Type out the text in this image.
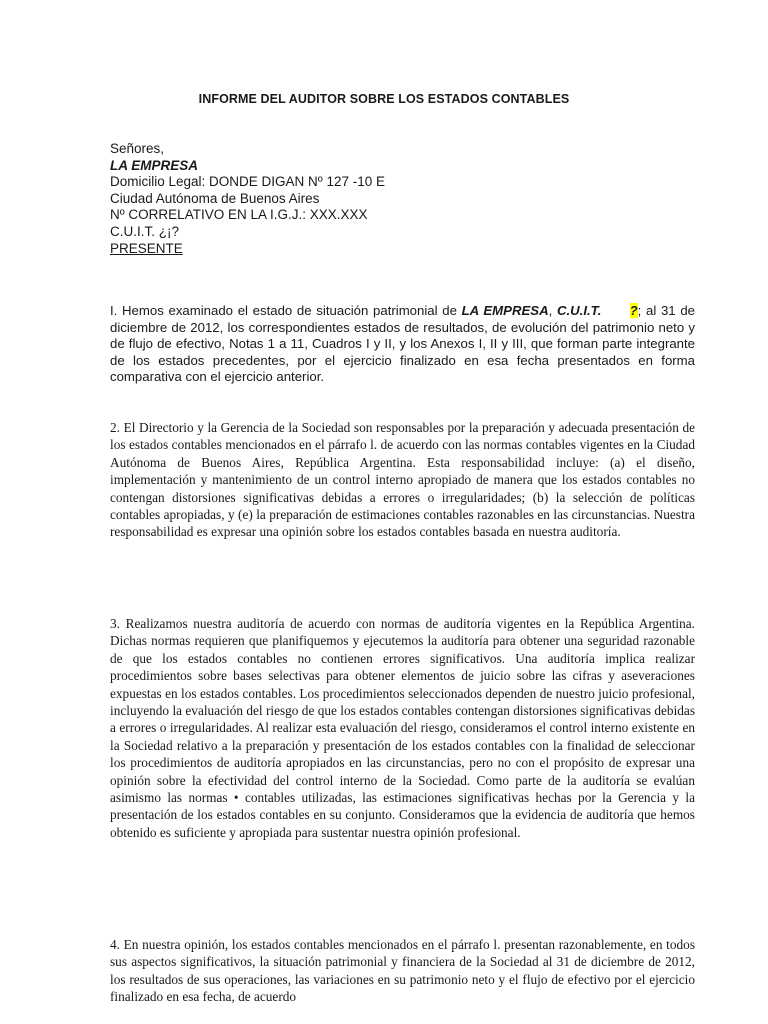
INFORME DEL AUDITOR SOBRE LOS ESTADOS CONTABLES
Señores,
LA EMPRESA
Domicilio Legal: DONDE DIGAN Nº 127 -10 E
Ciudad Autónoma de Buenos Aires
Nº CORRELATIVO EN LA I.G.J.: XXX.XXX
C.U.I.T. ¿¡?
PRESENTE
I. Hemos examinado el estado de situación patrimonial de LA EMPRESA, C.U.I.T. ?; al 31 de diciembre de 2012, los correspondientes estados de resultados, de evolución del patrimonio neto y de flujo de efectivo, Notas 1 a 11, Cuadros I y II, y los Anexos I, II y III, que forman parte integrante de los estados precedentes, por el ejercicio finalizado en esa fecha presentados en forma comparativa con el ejercicio anterior.
2. El Directorio y la Gerencia de la Sociedad son responsables por la preparación y adecuada presentación de los estados contables mencionados en el párrafo l. de acuerdo con las normas contables vigentes en la Ciudad Autónoma de Buenos Aires, República Argentina. Esta responsabilidad incluye: (a) el diseño, implementación y mantenimiento de un control interno apropiado de manera que los estados contables no contengan distorsiones significativas debidas a errores o irregularidades; (b) la selección de políticas contables apropiadas, y (e) la preparación de estimaciones contables razonables en las circunstancias. Nuestra responsabilidad es expresar una opinión sobre los estados contables basada en nuestra auditoría.
3. Realizamos nuestra auditoría de acuerdo con normas de auditoría vigentes en la República Argentina. Dichas normas requieren que planifiquemos y ejecutemos la auditoría para obtener una seguridad razonable de que los estados contables no contienen errores significativos. Una auditoría implica realizar procedimientos sobre bases selectivas para obtener elementos de juicio sobre las cifras y aseveraciones expuestas en los estados contables. Los procedimientos seleccionados dependen de nuestro juicio profesional, incluyendo la evaluación del riesgo de que los estados contables contengan distorsiones significativas debidas a errores o irregularidades. Al realizar esta evaluación del riesgo, consideramos el control interno existente en la Sociedad relativo a la preparación y presentación de los estados contables con la finalidad de seleccionar los procedimientos de auditoría apropiados en las circunstancias, pero no con el propósito de expresar una opinión sobre la efectividad del control interno de la Sociedad. Como parte de la auditoría se evalúan asimismo las normas • contables utilizadas, las estimaciones significativas hechas por la Gerencia y la presentación de los estados contables en su conjunto. Consideramos que la evidencia de auditoría que hemos obtenido es suficiente y apropiada para sustentar nuestra opinión profesional.
4. En nuestra opinión, los estados contables mencionados en el párrafo l. presentan razonablemente, en todos sus aspectos significativos, la situación patrimonial y financiera de la Sociedad al 31 de diciembre de 2012, los resultados de sus operaciones, las variaciones en su patrimonio neto y el flujo de efectivo por el ejercicio finalizado en esa fecha, de acuerdo
